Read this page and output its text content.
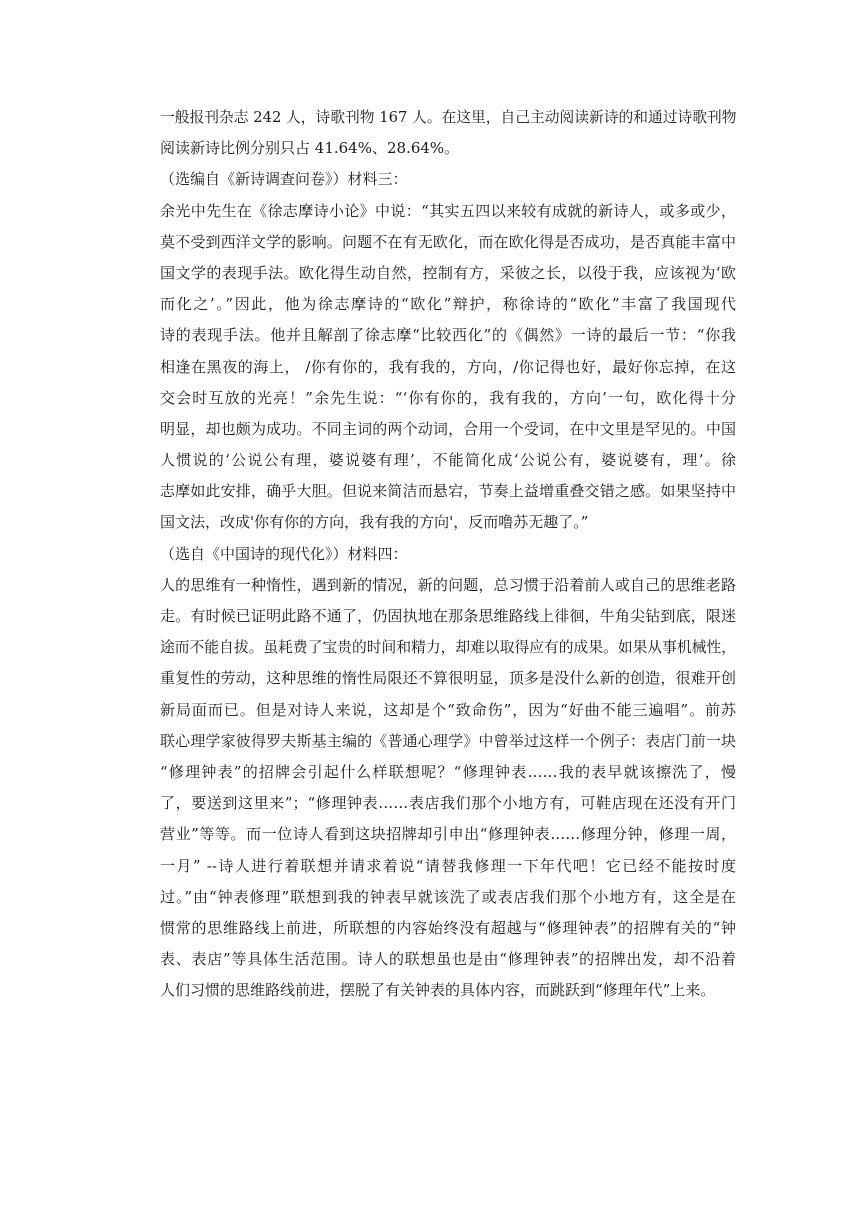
一般报刊杂志 242 人，诗歌刊物 167 人。在这里，自己主动阅读新诗的和通过诗歌刊物
阅读新诗比例分别只占 41.64%、28.64%。
（选编自《新诗调查问卷》）材料三：
余光中先生在《徐志摩诗小论》中说：“其实五四以来较有成就的新诗人，或多或少，
莫不受到西洋文学的影响。问题不在有无欧化，而在欧化得是否成功，是否真能丰富中
国文学的表现手法。欧化得生动自然，控制有方，采彼之长，以役于我，应该视为‘欧
而化之’。”因此，他为徐志摩诗的“欧化”辩护，称徐诗的“欧化”丰富了我国现代
诗的表现手法。他并且解剖了徐志摩“比较西化”的《偶然》一诗的最后一节：“你我
相逢在黑夜的海上， /你有你的，我有我的，方向，/你记得也好，最好你忘掉，在这
交会时互放的光亮！”余先生说：“‘你有你的，我有我的，方向’一句，欧化得十分
明显，却也颇为成功。不同主词的两个动词，合用一个受词，在中文里是罕见的。中国
人惯说的‘公说公有理，婆说婆有理’，不能简化成‘公说公有，婆说婆有，理’。徐
志摩如此安排，确乎大胆。但说来简洁而悬宕，节奏上益增重叠交错之感。如果坚持中
国文法，改成'你有你的方向，我有我的方向'，反而噜苏无趣了。”
（选自《中国诗的现代化》）材料四：
人的思维有一种惰性，遇到新的情况，新的问题，总习惯于沿着前人或自己的思维老路
走。有时候已证明此路不通了，仍固执地在那条思维路线上徘徊，牛角尖钻到底，限迷
途而不能自拔。虽耗费了宝贵的时间和精力，却难以取得应有的成果。如果从事机械性，
重复性的劳动，这种思维的惰性局限还不算很明显，顶多是没什么新的创造，很难开创
新局面而已。但是对诗人来说，这却是个“致命伤”，因为“好曲不能三遍唱”。前苏
联心理学家彼得罗夫斯基主编的《普通心理学》中曾举过这样一个例子：表店门前一块
“修理钟表”的招牌会引起什么样联想呢？“修理钟表……我的表早就该擦洗了，慢
了，要送到这里来”；“修理钟表……表店我们那个小地方有，可鞋店现在还没有开门
营业”等等。而一位诗人看到这块招牌却引申出“修理钟表……修理分钟，修理一周，
一月” --诗人进行着联想并请求着说“请替我修理一下年代吧！它已经不能按时度
过。”由“钟表修理”联想到我的钟表早就该洗了或表店我们那个小地方有，这全是在
惯常的思维路线上前进，所联想的内容始终没有超越与“修理钟表”的招牌有关的“钟
表、表店”等具体生活范围。诗人的联想虽也是由“修理钟表”的招牌出发，却不沿着
人们习惯的思维路线前进，摆脱了有关钟表的具体内容，而跳跃到“修理年代”上来。
